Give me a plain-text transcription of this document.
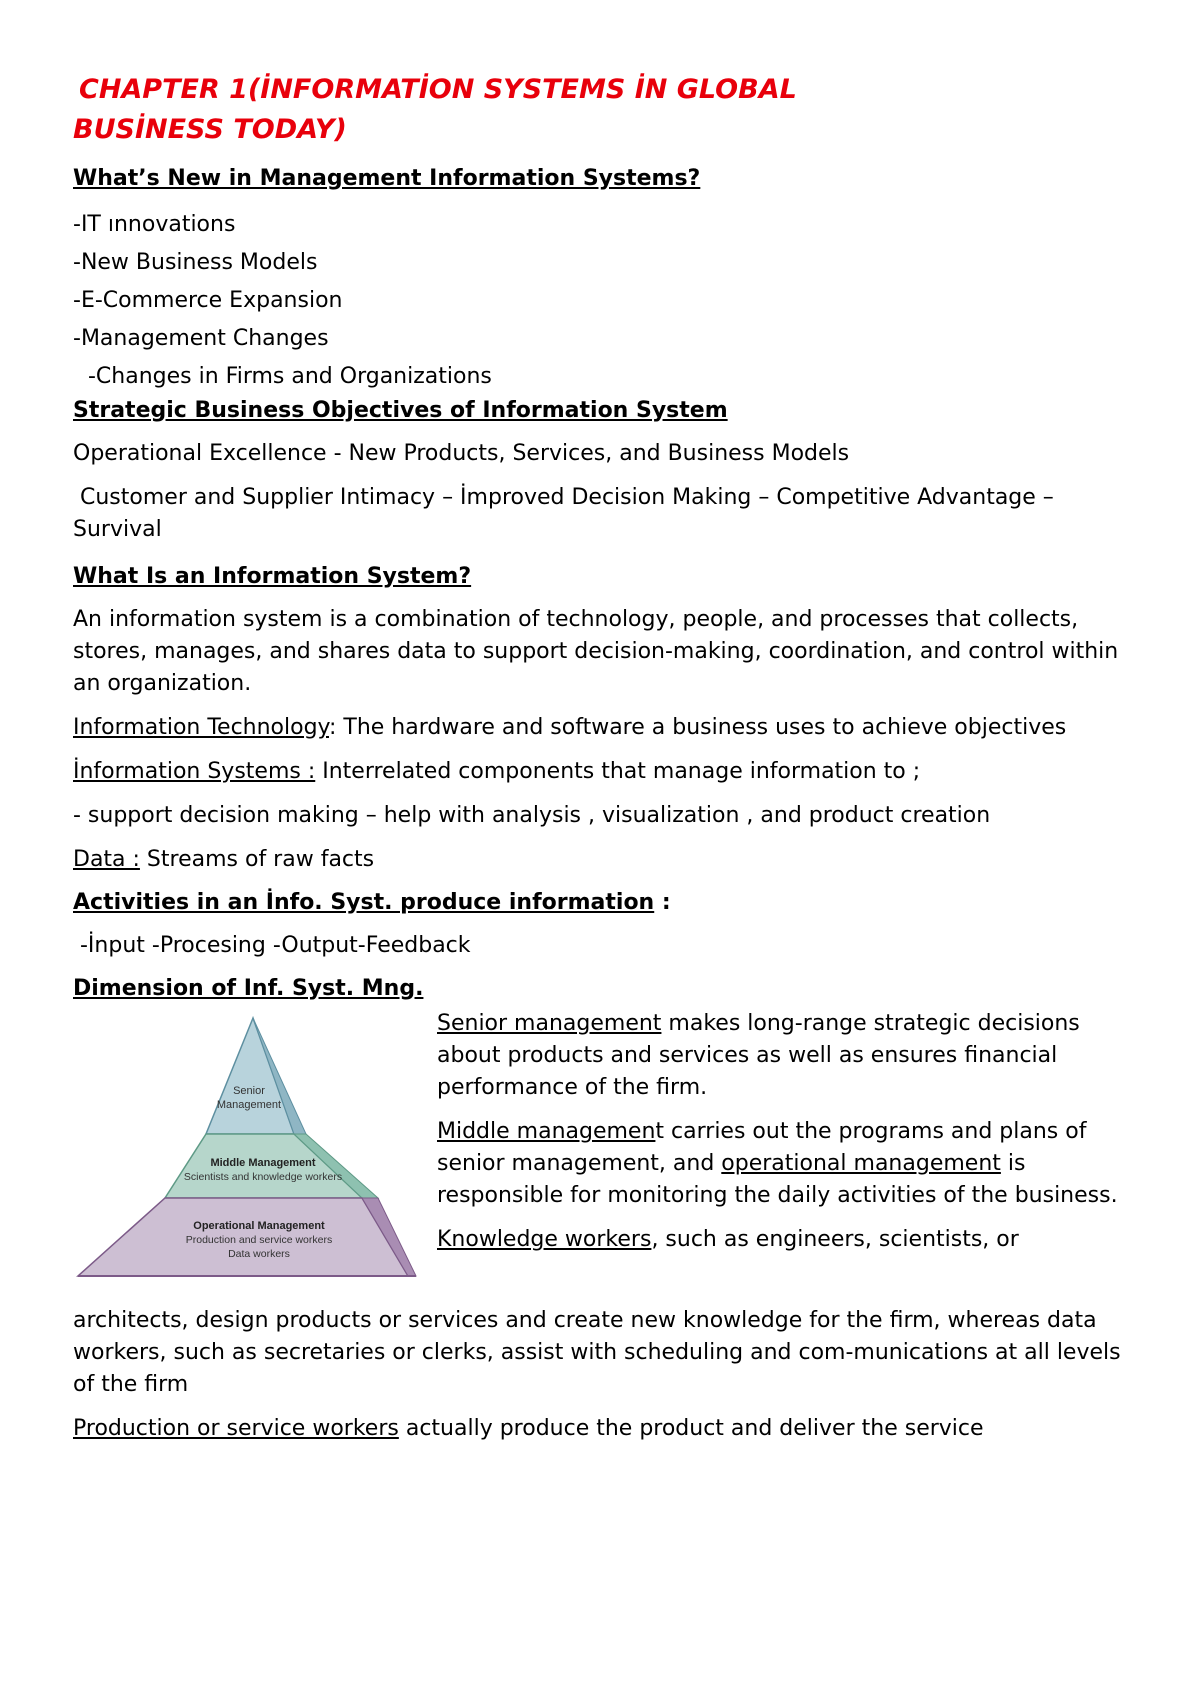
CHAPTER 1(İNFORMATİON SYSTEMS İN GLOBAL
BUSİNESS TODAY)
What’s New in Management Information Systems?
-IT ınnovations
-New Business Models
-E-Commerce Expansion
-Management Changes
-Changes in Firms and Organizations
Strategic Business Objectives of Information System
Operational Excellence - New Products, Services, and Business Models
Customer and Supplier Intimacy – İmproved Decision Making – Competitive Advantage – Survival
What Is an Information System?
An information system is a combination of technology, people, and processes that collects, stores, manages, and shares data to support decision-making, coordination, and control within an organization.
Information Technology: The hardware and software a business uses to achieve objectives
İnformation Systems : Interrelated components that manage information to ;
- support decision making – help with analysis , visualization , and product creation
Data : Streams of raw facts
Activities in an İnfo. Syst. produce information :
-İnput -Procesing -Output-Feedback
Dimension of Inf. Syst. Mng.
Senior
Management
Middle Management
Scientists and knowledge workers
Operational Management
Production and service workers
Data workers
Senior management makes long-range strategic decisions about products and services as well as ensures financial performance of the firm.
Middle management carries out the programs and plans of senior management, and operational management is responsible for monitoring the daily activities of the business.
Knowledge workers, such as engineers, scientists, or
architects, design products or services and create new knowledge for the firm, whereas data workers, such as secretaries or clerks, assist with scheduling and com-munications at all levels of the firm
Production or service workers actually produce the product and deliver the service
